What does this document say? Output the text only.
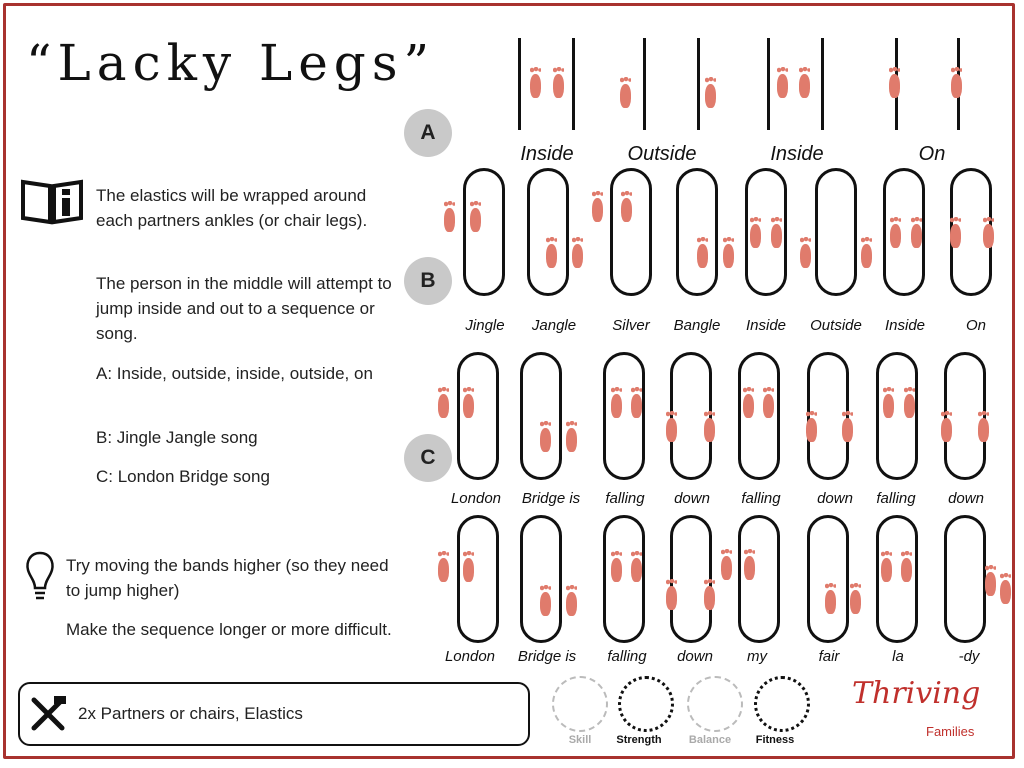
“Lacky Legs”
The elastics will be wrapped around each partners ankles (or chair legs).
The person in the middle will attempt to jump inside and out to a sequence or song.
A: Inside, outside, inside, outside, on
B: Jingle Jangle song
C: London Bridge song
Try moving the bands higher (so they need to jump higher)
Make the sequence longer or more difficult.
A
B
C
Inside	Outside	Inside	On
Jingle	Jangle	Silver	Bangle	Inside	Outside	Inside	On
London	Bridge is	falling	down	falling	down	falling	down
London	Bridge is	falling	down	my	fair	la	-dy
2x Partners or chairs, Elastics
Skill	Strength	Balance	Fitness
Thriving
Families
